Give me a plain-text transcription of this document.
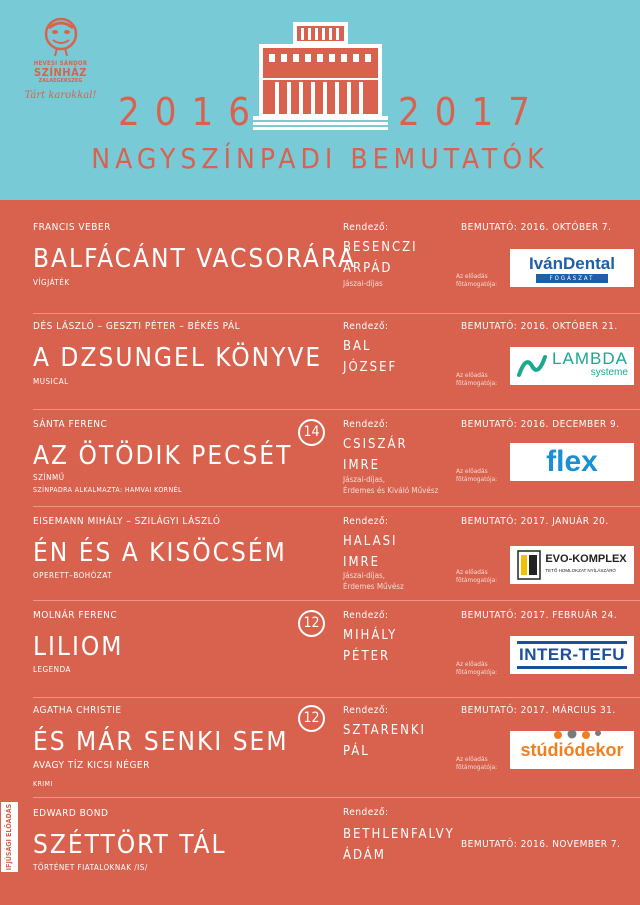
HEVESI SÁNDOR
SZÍNHÁZ
ZALAEGERSZEG
Tárt karokkal! 2016	2017
NAGYSZÍNPADI BEMUTATÓK
FRANCIS VEBER
BALFÁCÁNT VACSORÁRA
VÍGJÁTÉK
Rendező:
BESENCZI
ÁRPÁD
Jászai-díjas
BEMUTATÓ: 2016. OKTÓBER 7.
Az előadás
fõtámogatója:
IvánDental
FOGÁSZAT
DÉS LÁSZLÓ – GESZTI PÉTER – BÉKÉS PÁL
A DZSUNGEL KÖNYVE
MUSICAL
Rendező:
BAL
JÓZSEF
BEMUTATÓ: 2016. OKTÓBER 21.
Az előadás
fõtámogatója:
LAMBDA
systeme
SÁNTA FERENC
AZ ÖTÖDIK PECSÉT
SZÍNMŰ
SZÍNPADRA ALKALMAZTA: HAMVAI KORNÉL
14	Rendező:
CSISZÁR
IMRE
Jászai-díjas,
Érdemes és Kiváló Művész
BEMUTATÓ: 2016. DECEMBER 9.
Az előadás
fõtámogatója:
flex
EISEMANN MIHÁLY – SZILÁGYI LÁSZLÓ
ÉN ÉS A KISÖCSÉM
OPERETT–BOHÓZAT
Rendező:
HALASI
IMRE
Jászai-díjas,
Érdemes Művész
BEMUTATÓ: 2017. JANUÁR 20.
Az előadás
fõtámogatója:
EVO-KOMPLEX
TETŐ HOMLOKZAT NYÍLÁSZÁRÓ
MOLNÁR FERENC
LILIOM
LEGENDA
12	Rendező:
MIHÁLY
PÉTER
BEMUTATÓ: 2017. FEBRUÁR 24.
Az előadás
fõtámogatója:
INTER-TEFU
AGATHA CHRISTIE
ÉS MÁR SENKI SEM
AVAGY TÍZ KICSI NÉGER
KRIMI
12	Rendező:
SZTARENKI
PÁL
BEMUTATÓ: 2017. MÁRCIUS 31.
Az előadás
fõtámogatója:
stúdiódekor
EDWARD BOND
SZÉTTÖRT TÁL
TÖRTÉNET FIATALOKNAK /IS/
Rendező:
BETHLENFALVY
ÁDÁM
BEMUTATÓ: 2016. NOVEMBER 7.
IFJÚSÁGI ELŐADÁS
